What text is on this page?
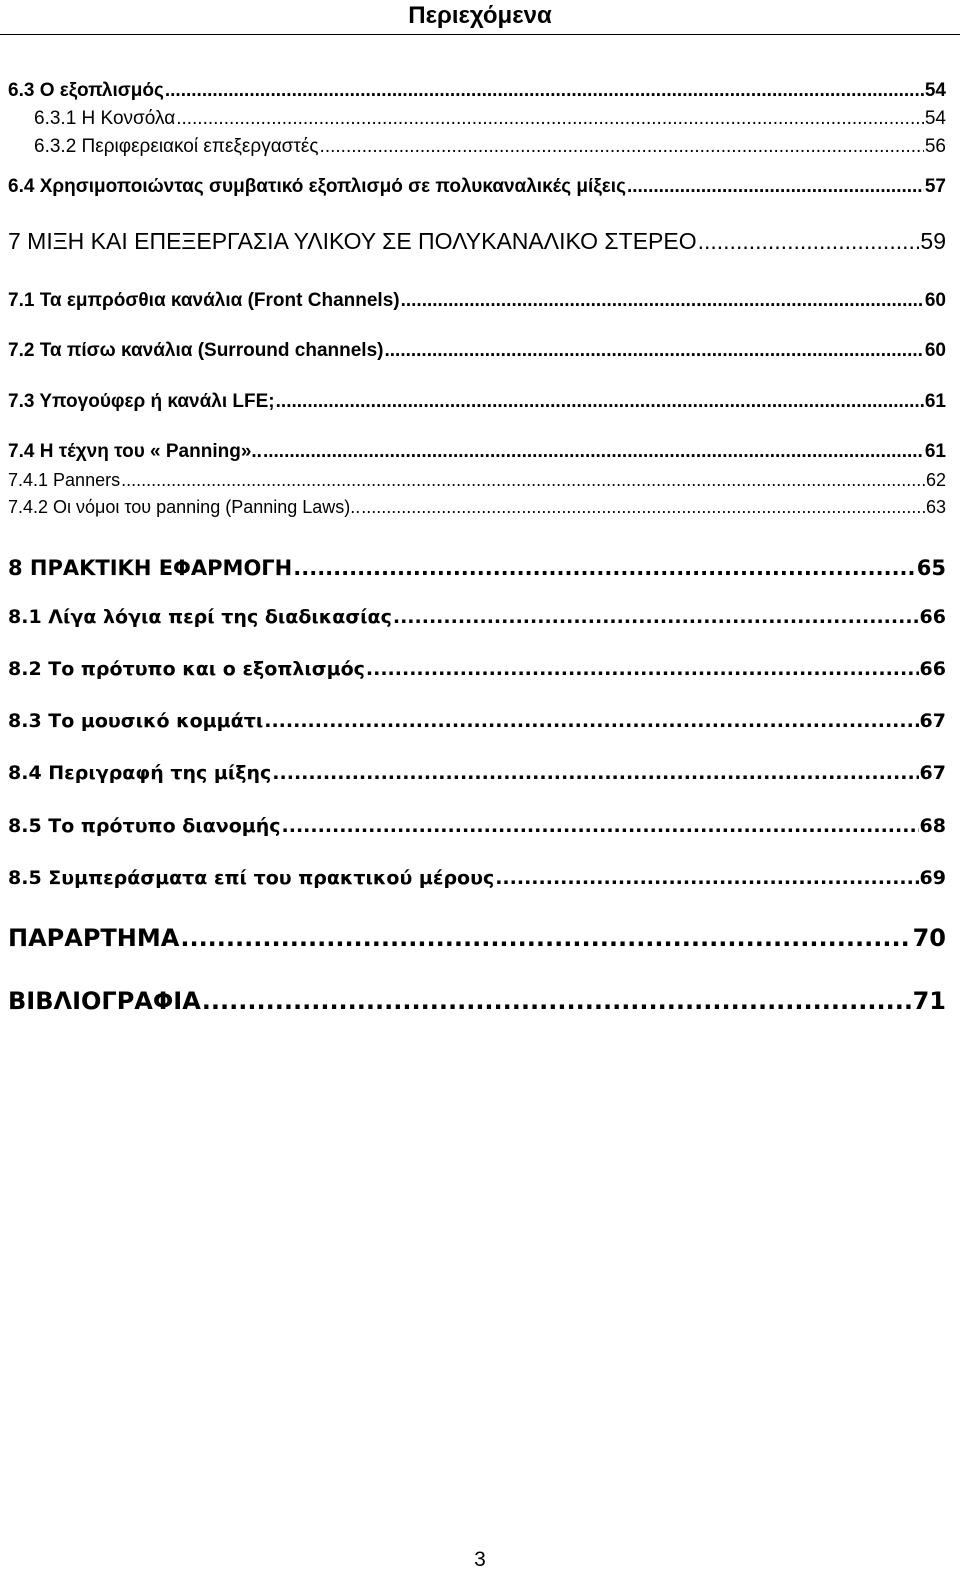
Περιεχόμενα
6.3 Ο εξοπλισμός .....	54
6.3.1 Η Κονσόλα .....	54
6.3.2 Περιφερειακοί επεξεργαστές .....	56
6.4 Χρησιμοποιώντας συμβατικό εξοπλισμό σε πολυκαναλικές μίξεις .....	57
7 ΜΙΞΗ ΚΑΙ ΕΠΕΞΕΡΓΑΣΙΑ ΥΛΙΚΟΥ ΣΕ ΠΟΛΥΚΑΝΑΛΙΚΟ ΣΤΕΡΕΟ .....	59
7.1 Τα εμπρόσθια κανάλια (Front Channels) .....	60
7.2 Τα πίσω κανάλια (Surround channels) .....	60
7.3 Υπογούφερ ή κανάλι LFE; .....	61
7.4 Η τέχνη του « Panning».. .....	61
7.4.1 Panners .....	62
7.4.2 Οι νόμοι του panning (Panning Laws).. .....	63
8 ΠΡΑΚΤΙΚΗ ΕΦΑΡΜΟΓΗ .....	65
8.1 Λίγα λόγια περί της διαδικασίας .....	66
8.2 Το πρότυπο και ο εξοπλισμός .....	66
8.3 Το μουσικό κομμάτι .....	67
8.4 Περιγραφή της μίξης .....	67
8.5 Το πρότυπο διανομής .....	68
8.5 Συμπεράσματα επί του πρακτικού μέρους .....	69
ΠΑΡΑΡΤΗΜΑ .....	70
ΒΙΒΛΙΟΓΡΑΦΙΑ .....	71
3
